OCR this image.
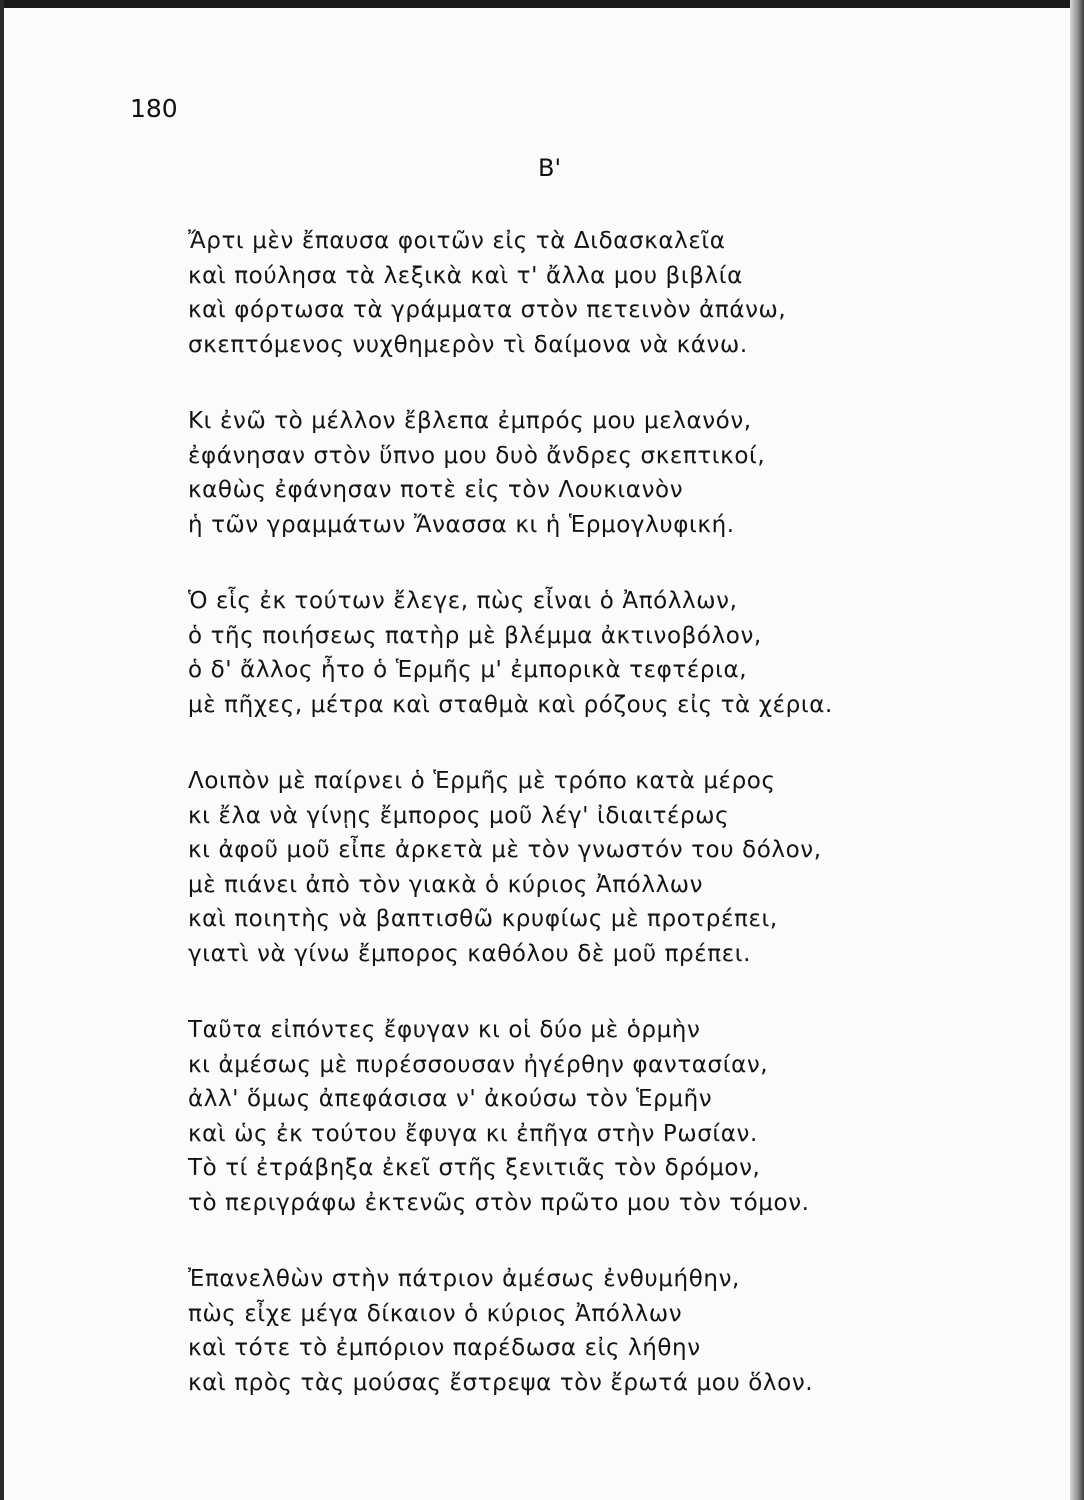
180
Β'
Ἄρτι μὲν ἔπαυσα φοιτῶν εἰς τὰ Διδασκαλεῖα
καὶ πούλησα τὰ λεξικὰ καὶ τ' ἄλλα μου βιβλία
καὶ φόρτωσα τὰ γράμματα στὸν πετεινὸν ἀπάνω,
σκεπτόμενος νυχθημερὸν τὶ δαίμονα νὰ κάνω.
Κι ἐνῶ τὸ μέλλον ἔβλεπα ἐμπρός μου μελανόν,
ἐφάνησαν στὸν ὕπνο μου δυὸ ἄνδρες σκεπτικοί,
καθὼς ἐφάνησαν ποτὲ εἰς τὸν Λουκιανὸν
ἡ τῶν γραμμάτων Ἄνασσα κι ἡ Ἑρμογλυφική.
Ὁ εἷς ἐκ τούτων ἔλεγε, πὼς εἶναι ὁ Ἀπόλλων,
ὁ τῆς ποιήσεως πατὴρ μὲ βλέμμα ἀκτινοβόλον,
ὁ δ' ἄλλος ἦτο ὁ Ἑρμῆς μ' ἐμπορικὰ τεφτέρια,
μὲ πῆχες, μέτρα καὶ σταθμὰ καὶ ρόζους εἰς τὰ χέρια.
Λοιπὸν μὲ παίρνει ὁ Ἑρμῆς μὲ τρόπο κατὰ μέρος
κι ἔλα νὰ γίνῃς ἔμπορος μοῦ λέγ' ἰδιαιτέρως
κι ἀφοῦ μοῦ εἶπε ἀρκετὰ μὲ τὸν γνωστόν του δόλον,
μὲ πιάνει ἀπὸ τὸν γιακὰ ὁ κύριος Ἀπόλλων
καὶ ποιητὴς νὰ βαπτισθῶ κρυφίως μὲ προτρέπει,
γιατὶ νὰ γίνω ἔμπορος καθόλου δὲ μοῦ πρέπει.
Ταῦτα εἰπόντες ἔφυγαν κι οἱ δύο μὲ ὁρμὴν
κι ἀμέσως μὲ πυρέσσουσαν ἠγέρθην φαντασίαν,
ἀλλ' ὅμως ἀπεφάσισα ν' ἀκούσω τὸν Ἑρμῆν
καὶ ὡς ἐκ τούτου ἔφυγα κι ἐπῆγα στὴν Ρωσίαν.
Τὸ τί ἐτράβηξα ἐκεῖ στῆς ξενιτιᾶς τὸν δρόμον,
τὸ περιγράφω ἐκτενῶς στὸν πρῶτο μου τὸν τόμον.
Ἐπανελθὼν στὴν πάτριον ἀμέσως ἐνθυμήθην,
πὼς εἶχε μέγα δίκαιον ὁ κύριος Ἀπόλλων
καὶ τότε τὸ ἐμπόριον παρέδωσα εἰς λήθην
καὶ πρὸς τὰς μούσας ἔστρεψα τὸν ἔρωτά μου ὅλον.
